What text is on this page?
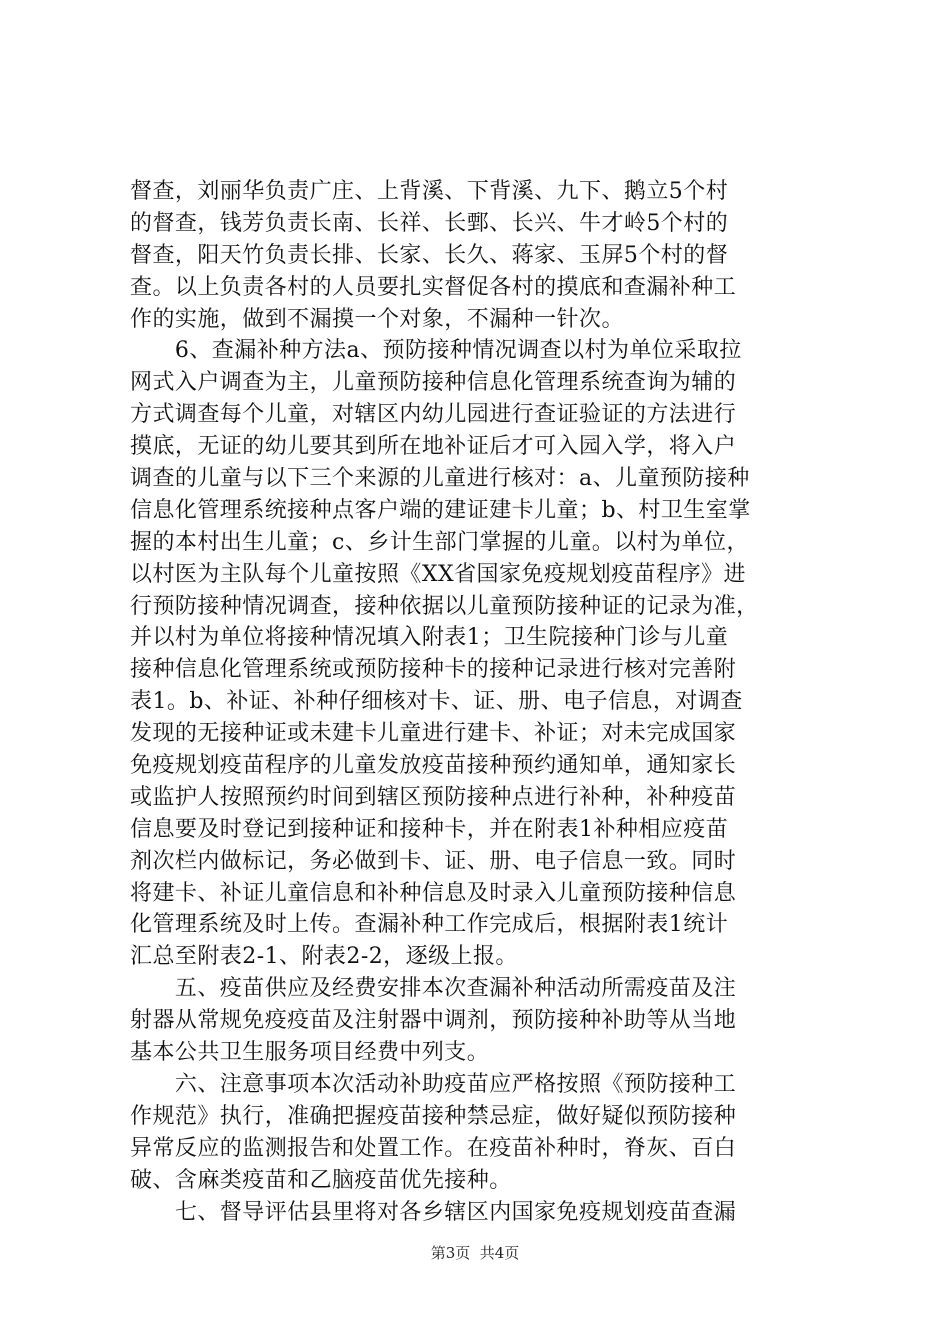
督查，刘丽华负责广庄、上背溪、下背溪、九下、鹅立5个村
的督查，钱芳负责长南、长祥、长鄄、长兴、牛才岭5个村的
督查，阳天竹负责长排、长家、长久、蒋家、玉屏5个村的督
查。以上负责各村的人员要扎实督促各村的摸底和查漏补种工
作的实施，做到不漏摸一个对象，不漏种一针次。
　　6、查漏补种方法a、预防接种情况调查以村为单位采取拉
网式入户调查为主，儿童预防接种信息化管理系统查询为辅的
方式调查每个儿童，对辖区内幼儿园进行查证验证的方法进行
摸底，无证的幼儿要其到所在地补证后才可入园入学，将入户
调查的儿童与以下三个来源的儿童进行核对：a、儿童预防接种
信息化管理系统接种点客户端的建证建卡儿童；b、村卫生室掌
握的本村出生儿童；c、乡计生部门掌握的儿童。以村为单位，
以村医为主队每个儿童按照《XX省国家免疫规划疫苗程序》进
行预防接种情况调查，接种依据以儿童预防接种证的记录为准，
并以村为单位将接种情况填入附表1；卫生院接种门诊与儿童
接种信息化管理系统或预防接种卡的接种记录进行核对完善附
表1。b、补证、补种仔细核对卡、证、册、电子信息，对调查
发现的无接种证或未建卡儿童进行建卡、补证；对未完成国家
免疫规划疫苗程序的儿童发放疫苗接种预约通知单，通知家长
或监护人按照预约时间到辖区预防接种点进行补种，补种疫苗
信息要及时登记到接种证和接种卡，并在附表1补种相应疫苗
剂次栏内做标记，务必做到卡、证、册、电子信息一致。同时
将建卡、补证儿童信息和补种信息及时录入儿童预防接种信息
化管理系统及时上传。查漏补种工作完成后，根据附表1统计
汇总至附表2-1、附表2-2，逐级上报。
　　五、疫苗供应及经费安排本次查漏补种活动所需疫苗及注
射器从常规免疫疫苗及注射器中调剂，预防接种补助等从当地
基本公共卫生服务项目经费中列支。
　　六、注意事项本次活动补助疫苗应严格按照《预防接种工
作规范》执行，准确把握疫苗接种禁忌症，做好疑似预防接种
异常反应的监测报告和处置工作。在疫苗补种时，脊灰、百白
破、含麻类疫苗和乙脑疫苗优先接种。
　　七、督导评估县里将对各乡辖区内国家免疫规划疫苗查漏
第3页  共4页
